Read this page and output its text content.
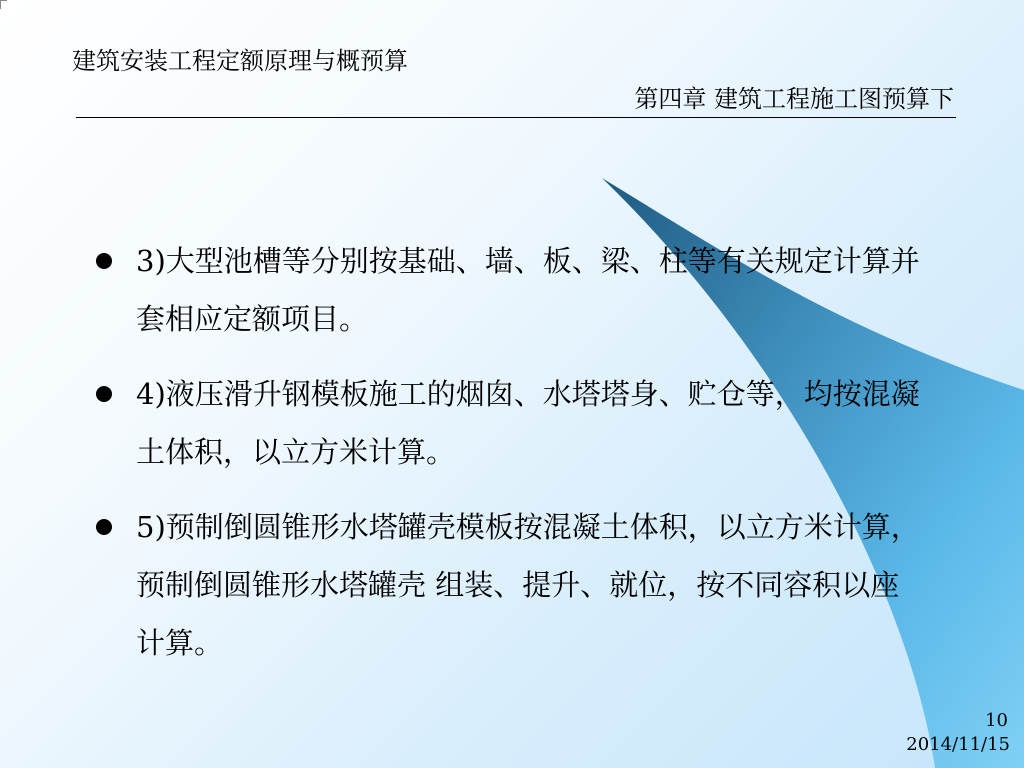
建筑安装工程定额原理与概预算
第四章 建筑工程施工图预算下
3)大型池槽等分别按基础、墙、板、梁、柱等有关规定计算并套相应定额项目。
4)液压滑升钢模板施工的烟囱、水塔塔身、贮仓等，均按混凝土体积，以立方米计算。
5)预制倒圆锥形水塔罐壳模板按混凝土体积，以立方米计算，预制倒圆锥形水塔罐壳 组装、提升、就位，按不同容积以座计算。
10
2014/11/15
